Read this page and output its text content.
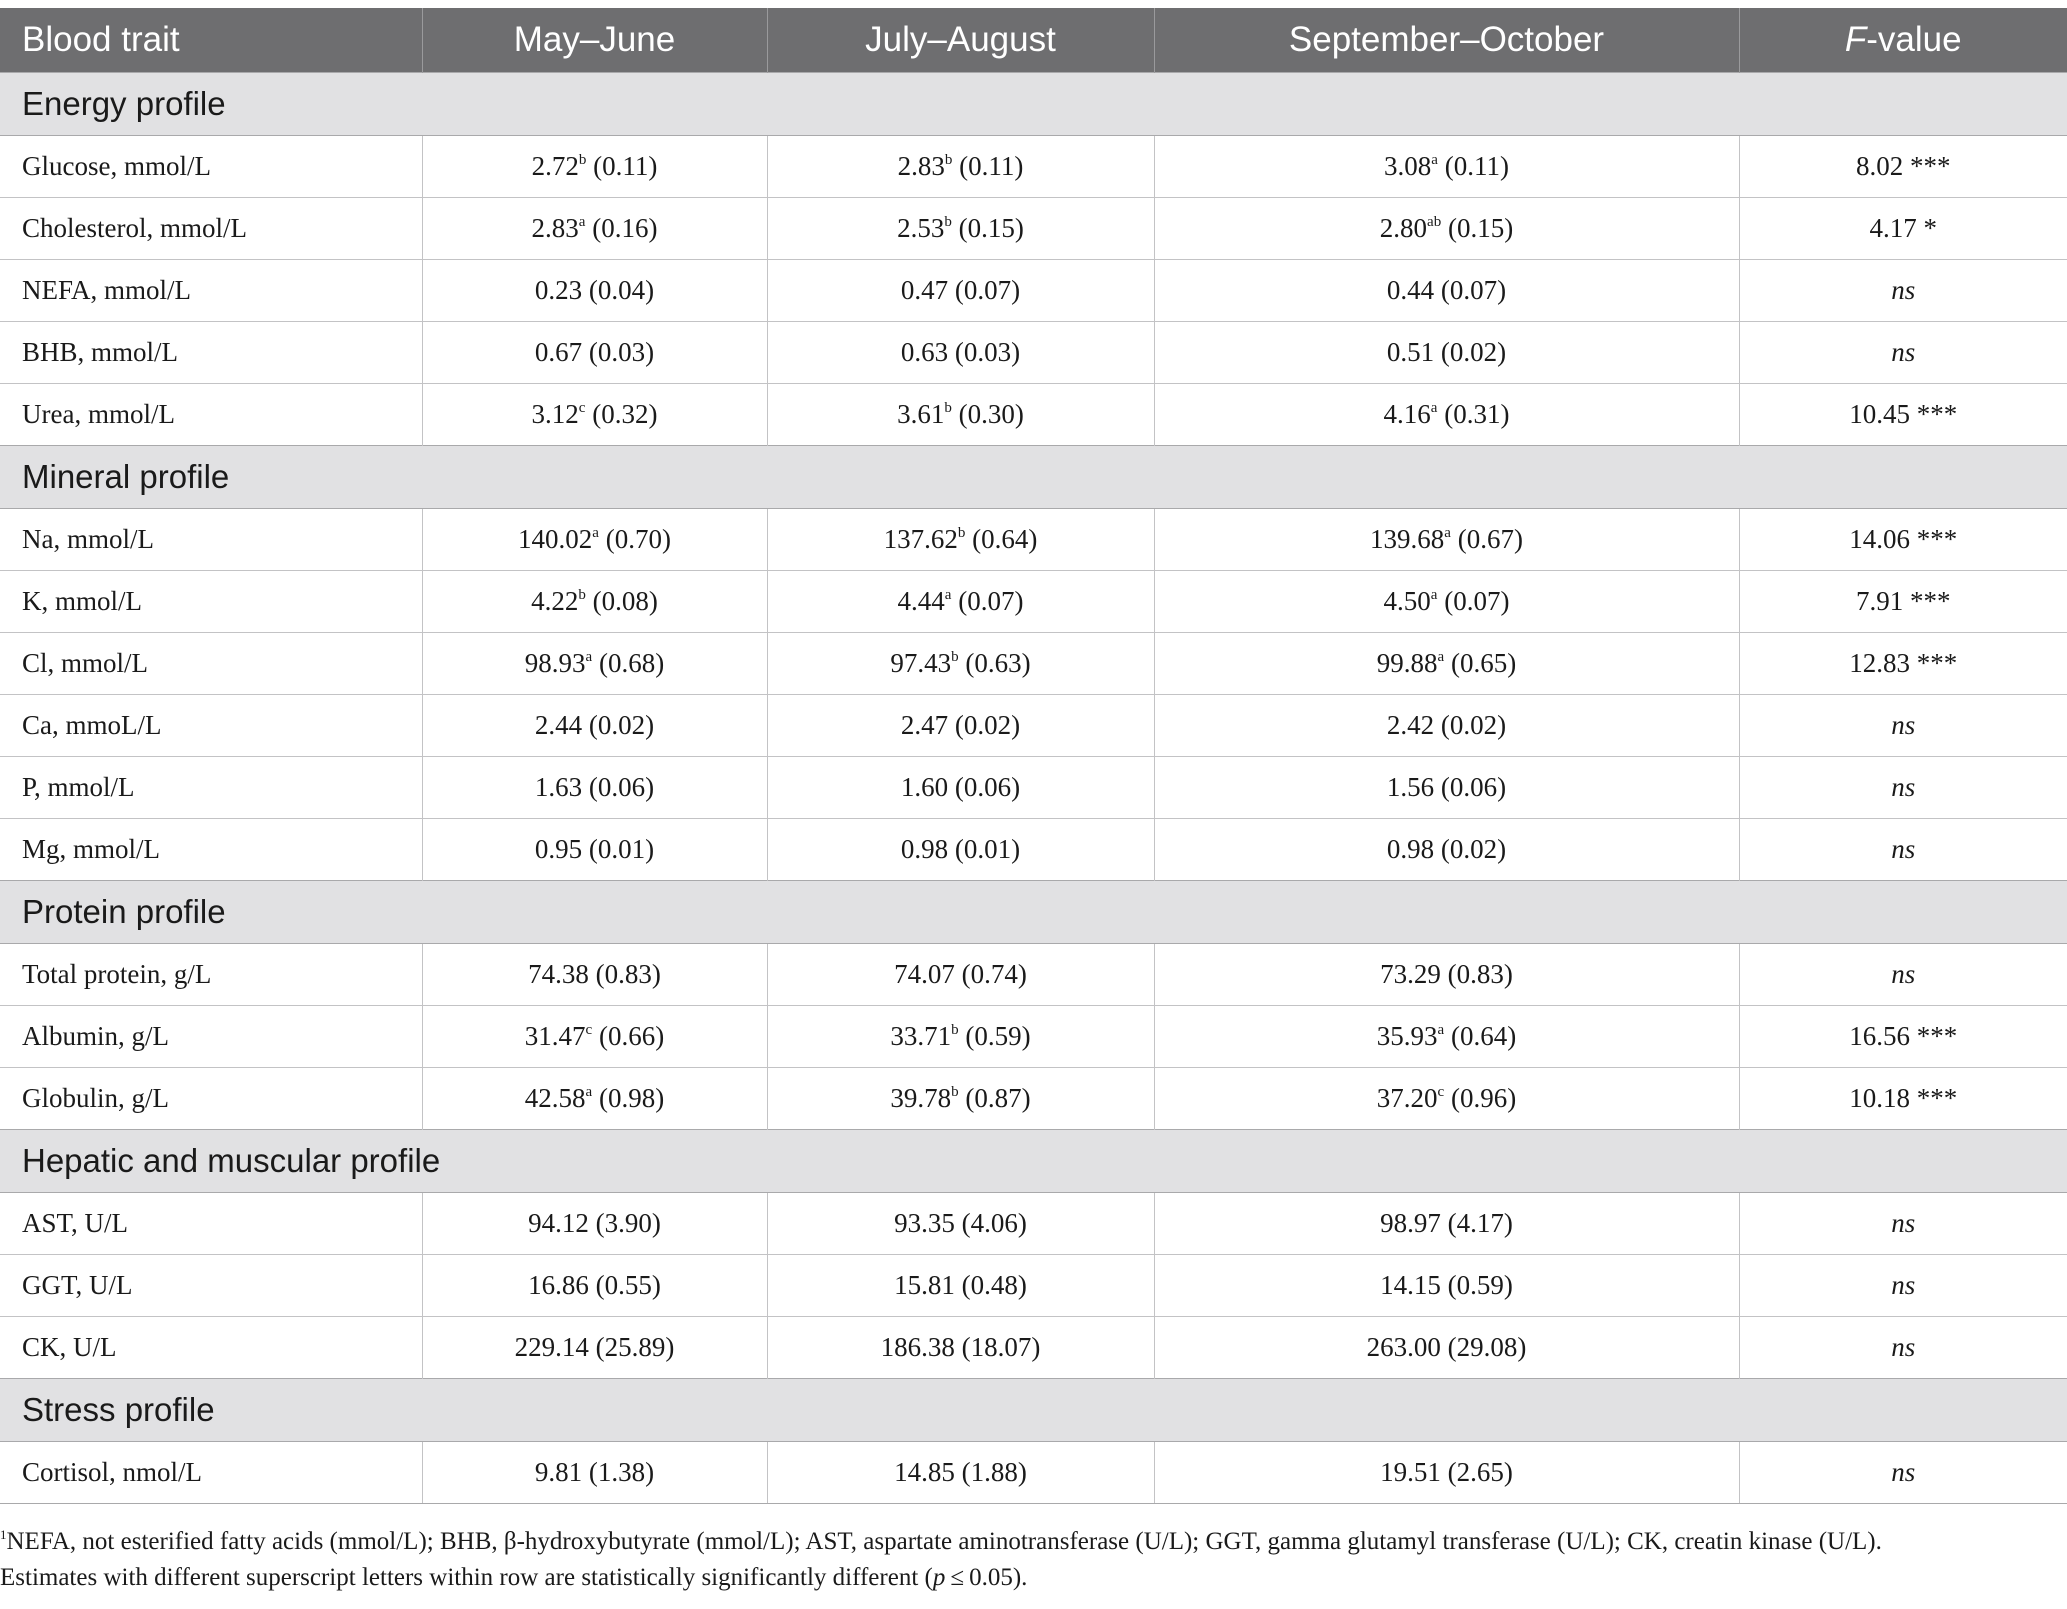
Blood trait	May–June	July–August	September–October	F-value
Energy profile				
Glucose, mmol/L	2.72$^b$ (0.11)	2.83$^b$ (0.11)	3.08$^a$ (0.11)	8.02 ***
Cholesterol, mmol/L	2.83$^a$ (0.16)	2.53$^b$ (0.15)	2.80$^{ab}$ (0.15)	4.17 *
NEFA, mmol/L	0.23 (0.04)	0.47 (0.07)	0.44 (0.07)	ns
BHB, mmol/L	0.67 (0.03)	0.63 (0.03)	0.51 (0.02)	ns
Urea, mmol/L	3.12$^c$ (0.32)	3.61$^b$ (0.30)	4.16$^a$ (0.31)	10.45 ***
Mineral profile				
Na, mmol/L	140.02$^a$ (0.70)	137.62$^b$ (0.64)	139.68$^a$ (0.67)	14.06 ***
K, mmol/L	4.22$^b$ (0.08)	4.44$^a$ (0.07)	4.50$^a$ (0.07)	7.91 ***
Cl, mmol/L	98.93$^a$ (0.68)	97.43$^b$ (0.63)	99.88$^a$ (0.65)	12.83 ***
Ca, mmoL/L	2.44 (0.02)	2.47 (0.02)	2.42 (0.02)	ns
P, mmol/L	1.63 (0.06)	1.60 (0.06)	1.56 (0.06)	ns
Mg, mmol/L	0.95 (0.01)	0.98 (0.01)	0.98 (0.02)	ns
Protein profile				
Total protein, g/L	74.38 (0.83)	74.07 (0.74)	73.29 (0.83)	ns
Albumin, g/L	31.47$^c$ (0.66)	33.71$^b$ (0.59)	35.93$^a$ (0.64)	16.56 ***
Globulin, g/L	42.58$^a$ (0.98)	39.78$^b$ (0.87)	37.20$^c$ (0.96)	10.18 ***
Hepatic and muscular profile				
AST, U/L	94.12 (3.90)	93.35 (4.06)	98.97 (4.17)	ns
GGT, U/L	16.86 (0.55)	15.81 (0.48)	14.15 (0.59)	ns
CK, U/L	229.14 (25.89)	186.38 (18.07)	263.00 (29.08)	ns
Stress profile				
Cortisol, nmol/L	9.81 (1.38)	14.85 (1.88)	19.51 (2.65)	ns
$^1$NEFA, not esterified fatty acids (mmol/L); BHB, β-hydroxybutyrate (mmol/L); AST, aspartate aminotransferase (U/L); GGT, gamma glutamyl transferase (U/L); CK, creatin kinase (U/L).
Estimates with different superscript letters within row are statistically significantly different (p ≤ 0.05).
